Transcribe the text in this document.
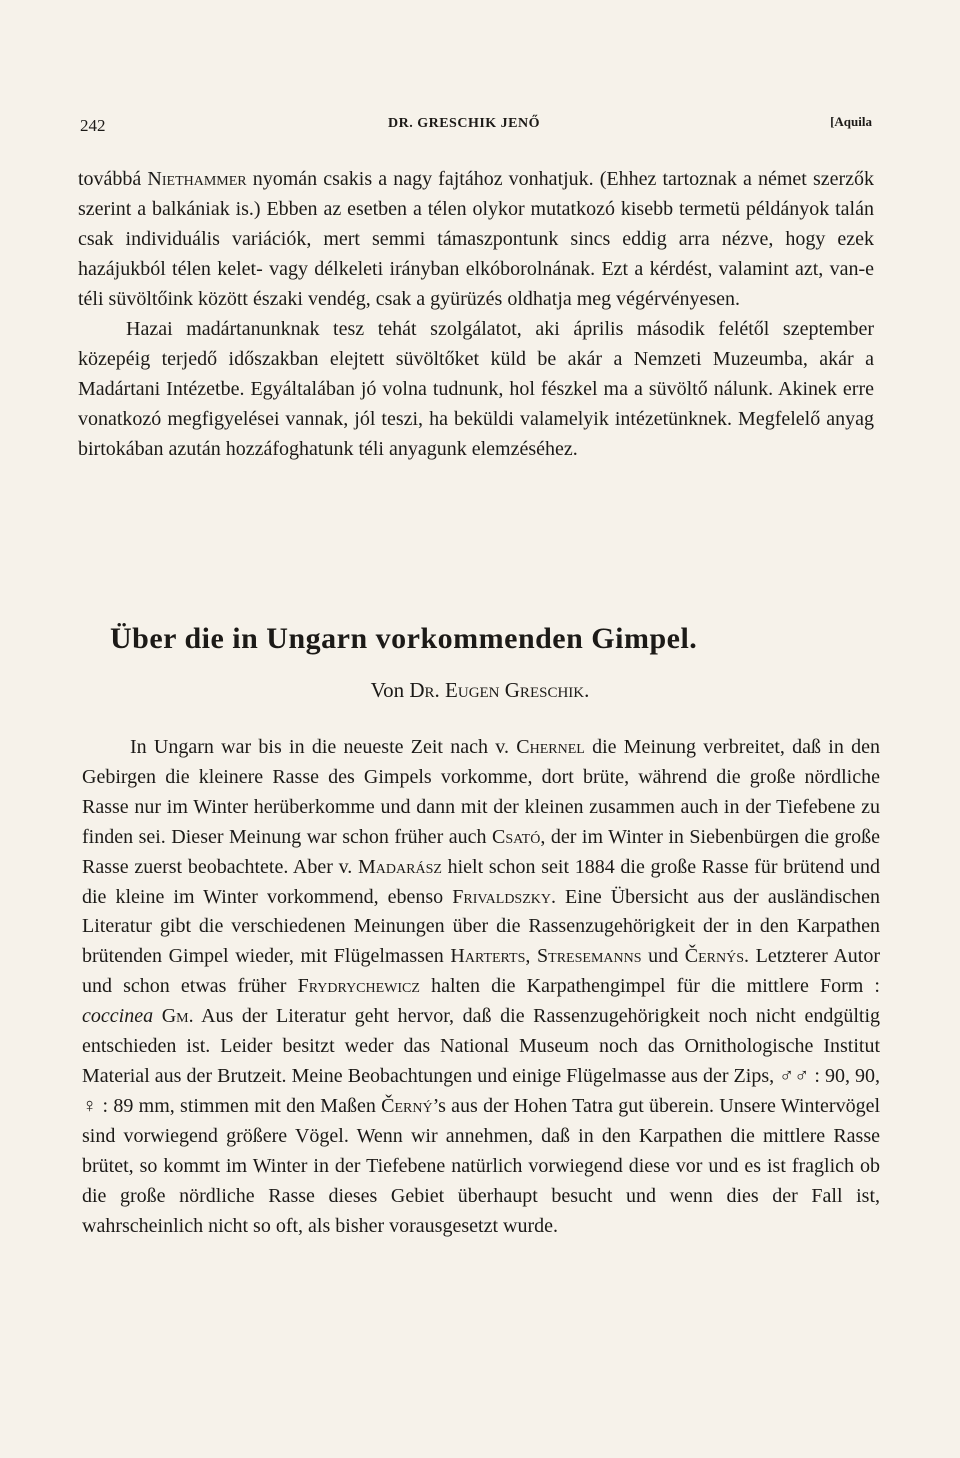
242	DR. GRESCHIK JENŐ	[Aquila

továbbá Niethammer nyomán csakis a nagy fajtához vonhatjuk. (Ehhez tartoznak a német szerzők szerint a balkániak is.) Ebben az esetben a télen olykor mutatkozó kisebb termetü példányok talán csak individuális variációk, mert semmi támaszpontunk sincs eddig arra nézve, hogy ezek hazájukból télen kelet- vagy délkeleti irányban elkóborolnának. Ezt a kérdést, valamint azt, van-e téli süvöltőink között északi vendég, csak a gyürüzés oldhatja meg végérvényesen.

Hazai madártanunknak tesz tehát szolgálatot, aki április második felétől szeptember közepéig terjedő időszakban elejtett süvöltőket küld be akár a Nemzeti Muzeumba, akár a Madártani Intézetbe. Egyáltalában jó volna tudnunk, hol fészkel ma a süvöltő nálunk. Akinek erre vonatkozó megfigyelései vannak, jól teszi, ha beküldi valamelyik intézetünknek. Megfelelő anyag birtokában azután hozzáfoghatunk téli anyagunk elemzéséhez.

Über die in Ungarn vorkommenden Gimpel.
Von Dr. Eugen Greschik.

In Ungarn war bis in die neueste Zeit nach v. Chernel die Meinung verbreitet, daß in den Gebirgen die kleinere Rasse des Gimpels vorkomme, dort brüte, während die große nördliche Rasse nur im Winter herüberkomme und dann mit der kleinen zusammen auch in der Tiefebene zu finden sei. Dieser Meinung war schon früher auch Csató, der im Winter in Siebenbürgen die große Rasse zuerst beobachtete. Aber v. Madarász hielt schon seit 1884 die große Rasse für brütend und die kleine im Winter vorkommend, ebenso Frivaldszky. Eine Übersicht aus der ausländischen Literatur gibt die verschiedenen Meinungen über die Rassenzugehörigkeit der in den Karpathen brütenden Gimpel wieder, mit Flügelmassen Harterts, Stresemanns und Černýs. Letzterer Autor und schon etwas früher Frydrychewicz halten die Karpathengimpel für die mittlere Form : coccinea Gm. Aus der Literatur geht hervor, daß die Rassenzugehörigkeit noch nicht endgültig entschieden ist. Leider besitzt weder das National Museum noch das Ornithologische Institut Material aus der Brutzeit. Meine Beobachtungen und einige Flügelmasse aus der Zips, ♂♂ : 90, 90, ♀ : 89 mm, stimmen mit den Maßen Černý’s aus der Hohen Tatra gut überein. Unsere Wintervögel sind vorwiegend größere Vögel. Wenn wir annehmen, daß in den Karpathen die mittlere Rasse brütet, so kommt im Winter in der Tiefebene natürlich vorwiegend diese vor und es ist fraglich ob die große nördliche Rasse dieses Gebiet überhaupt besucht und wenn dies der Fall ist, wahrscheinlich nicht so oft, als bisher vorausgesetzt wurde.
